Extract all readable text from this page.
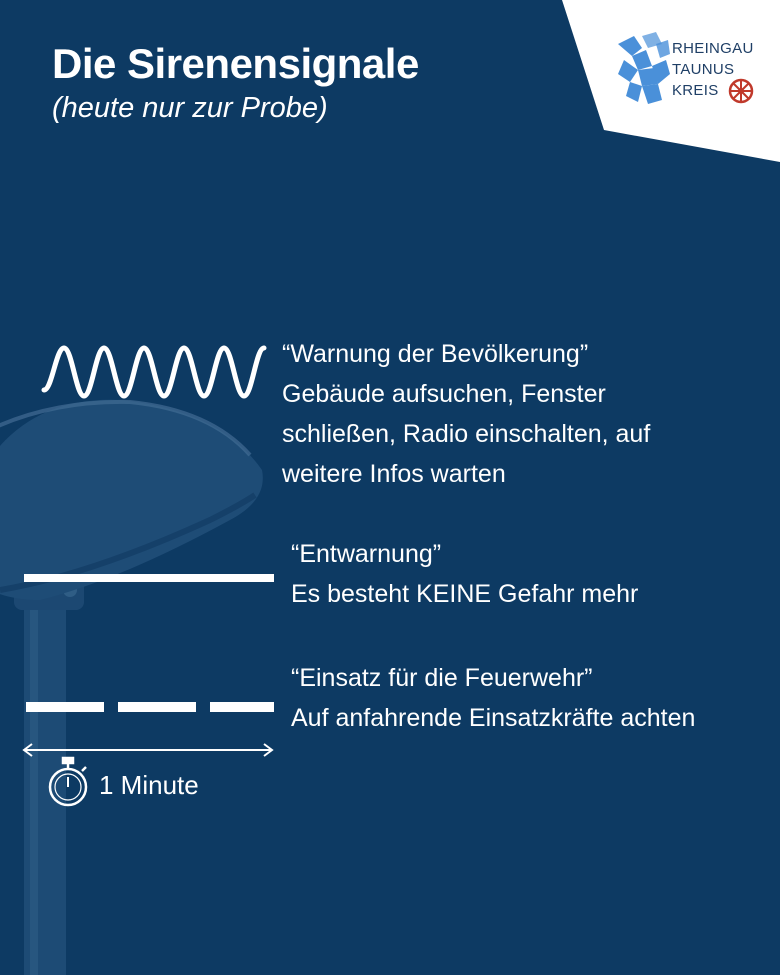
Die Sirenensignale

(heute nur zur Probe)

RHEINGAU
TAUNUS
KREIS
“Warnung der Bevölkerung”
Gebäude aufsuchen, Fenster
schließen, Radio einschalten, auf
weitere Infos warten
“Entwarnung”
Es besteht KEINE Gefahr mehr
“Einsatz für die Feuerwehr”
Auf anfahrende Einsatzkräfte achten
1 Minute
